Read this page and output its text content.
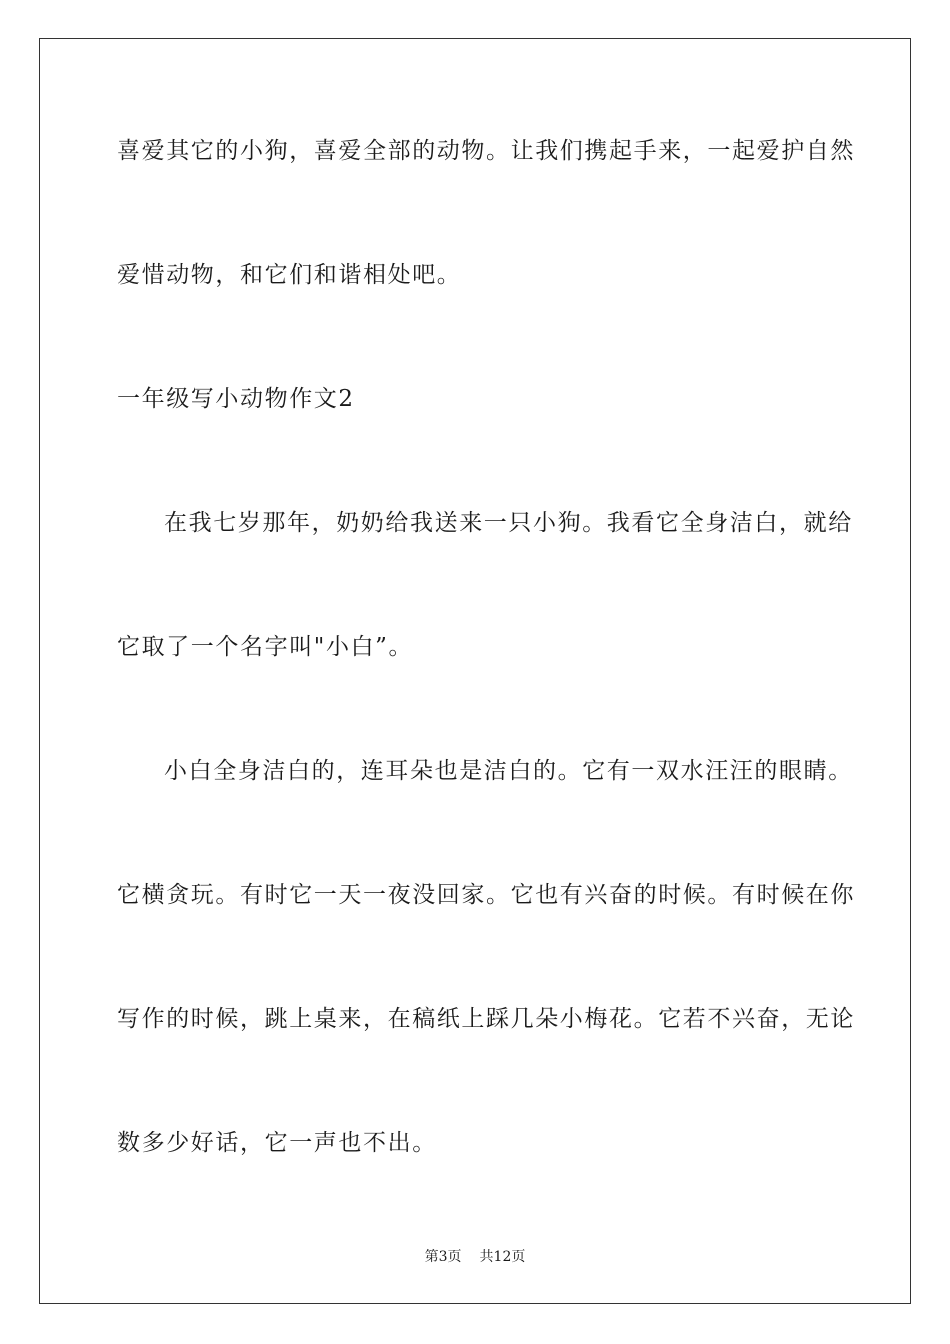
喜爱其它的小狗，喜爱全部的动物。让我们携起手来，一起爱护自然
爱惜动物，和它们和谐相处吧。
一年级写小动物作文2
在我七岁那年，奶奶给我送来一只小狗。我看它全身洁白，就给
它取了一个名字叫"小白”。
小白全身洁白的，连耳朵也是洁白的。它有一双水汪汪的眼睛。
它横贪玩。有时它一天一夜没回家。它也有兴奋的时候。有时候在你
写作的时候，跳上桌来，在稿纸上踩几朵小梅花。它若不兴奋，无论
数多少好话，它一声也不出。
第3页 共12页
